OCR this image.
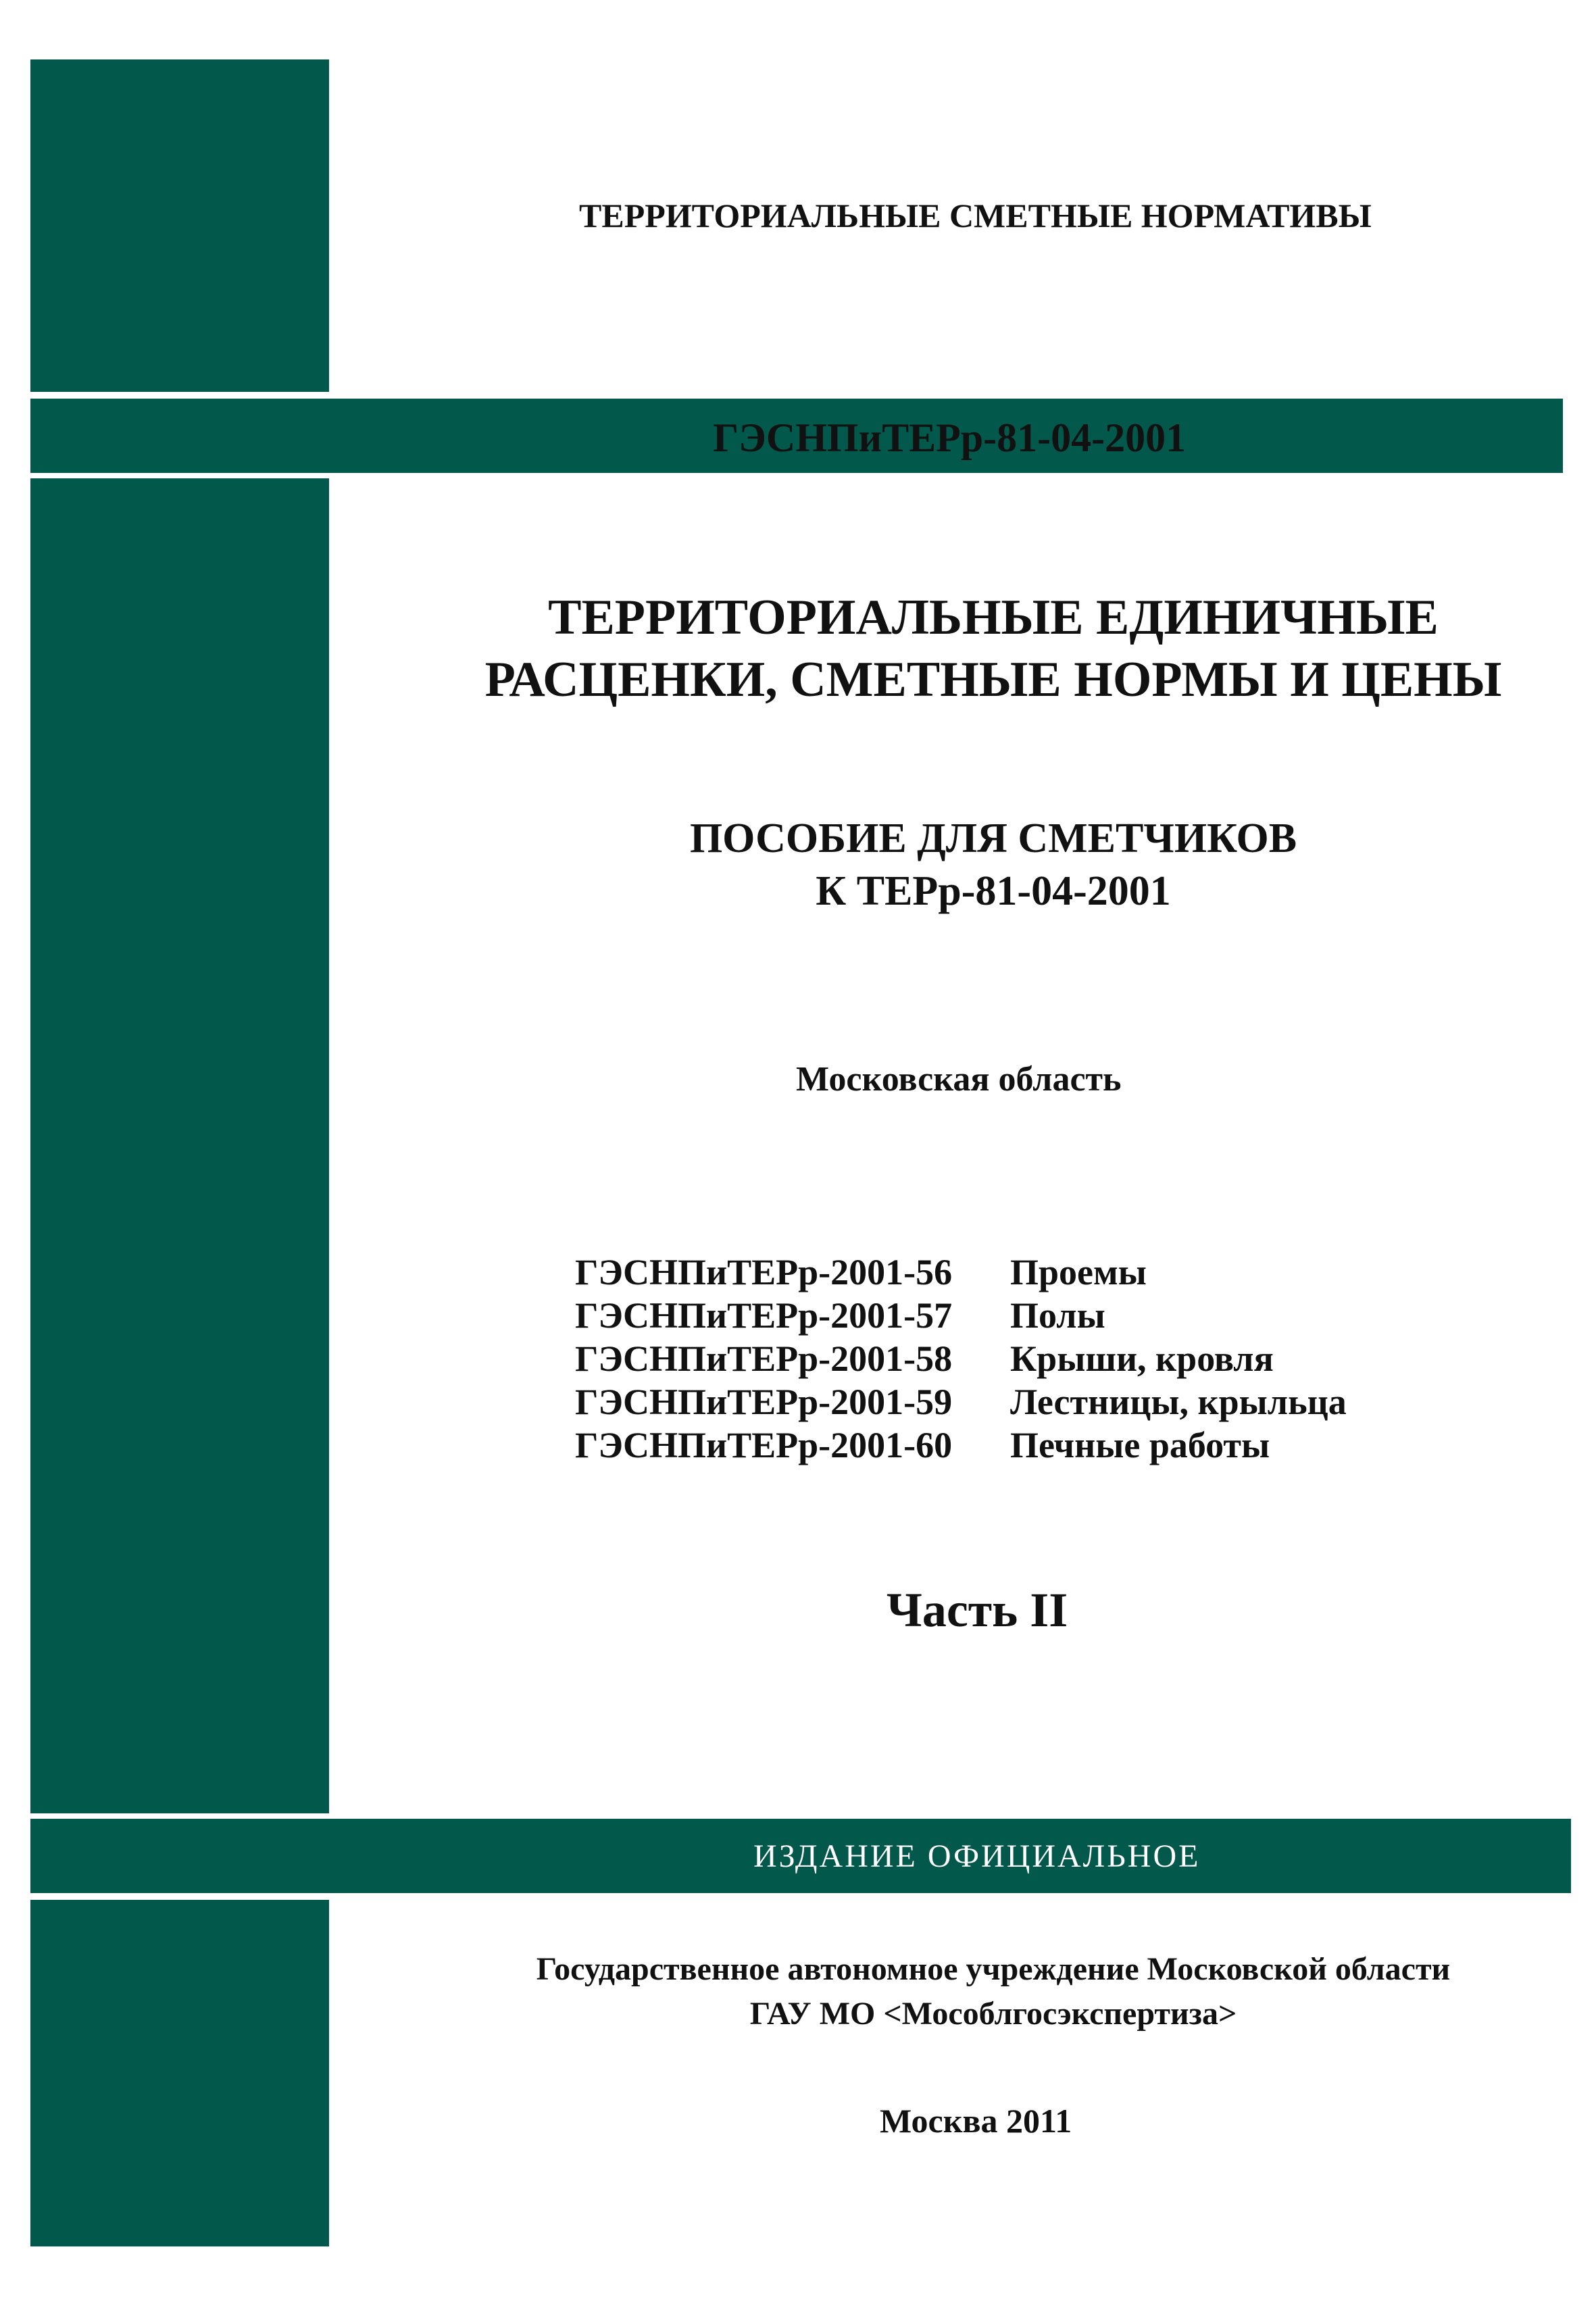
ТЕРРИТОРИАЛЬНЫЕ СМЕТНЫЕ НОРМАТИВЫ
ГЭСНПиТЕРр-81-04-2001
ТЕРРИТОРИАЛЬНЫЕ ЕДИНИЧНЫЕ
РАСЦЕНКИ, СМЕТНЫЕ НОРМЫ И ЦЕНЫ
ПОСОБИЕ ДЛЯ СМЕТЧИКОВ
К ТЕРр-81-04-2001
Московская область
ГЭСНПиТЕРр-2001-56 Проемы
ГЭСНПиТЕРр-2001-57 Полы
ГЭСНПиТЕРр-2001-58 Крыши, кровля
ГЭСНПиТЕРр-2001-59 Лестницы, крыльца
ГЭСНПиТЕРр-2001-60 Печные работы
Часть II
ИЗДАНИЕ ОФИЦИАЛЬНОЕ
Государственное автономное учреждение Московской области
ГАУ МО <Мособлгосэкспертиза>
Москва 2011
